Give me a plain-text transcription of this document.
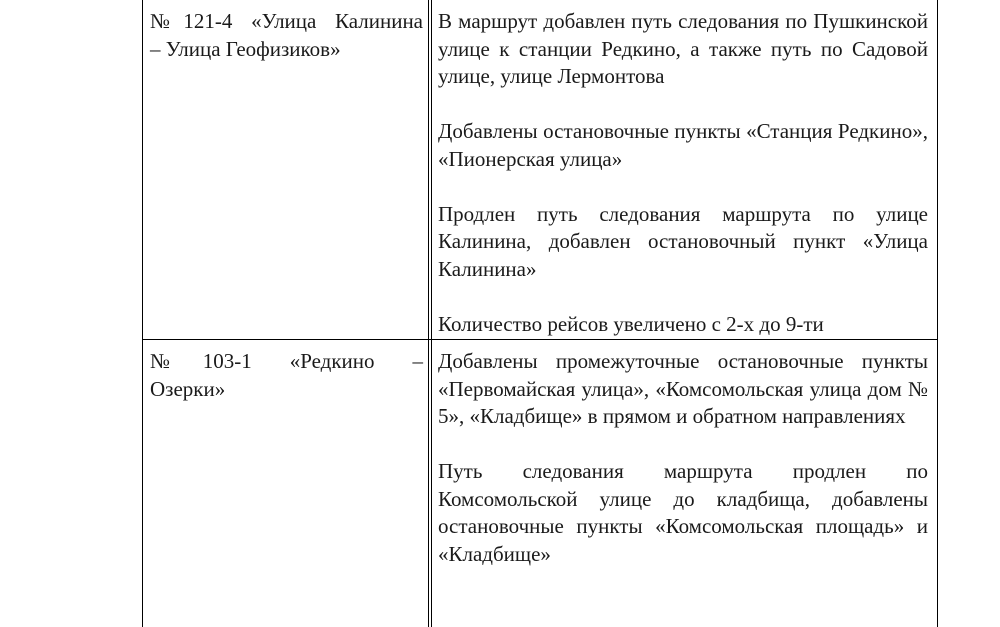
№121-4 «Улица Калинина
– Улица Геофизиков»

В маршрут добавлен путь следования по Пушкинской улице к станции Редкино, а также путь по Садовой улице, улице Лермонтова

Добавлены остановочные пункты «Станция Редкино», «Пионерская улица»

Продлен путь следования маршрута по улице Калинина, добавлен остановочный пункт «Улица Калинина»

Количество рейсов увеличено с 2-х до 9-ти

№103-1 «Редкино –
Озерки»

Добавлены промежуточные остановочные пункты «Первомайская улица», «Комсомольская улица дом № 5», «Кладбище» в прямом и обратном направлениях

Путь следования маршрута продлен по Комсомольской улице до кладбища, добавлены остановочные пункты «Комсомольская площадь» и «Кладбище»
